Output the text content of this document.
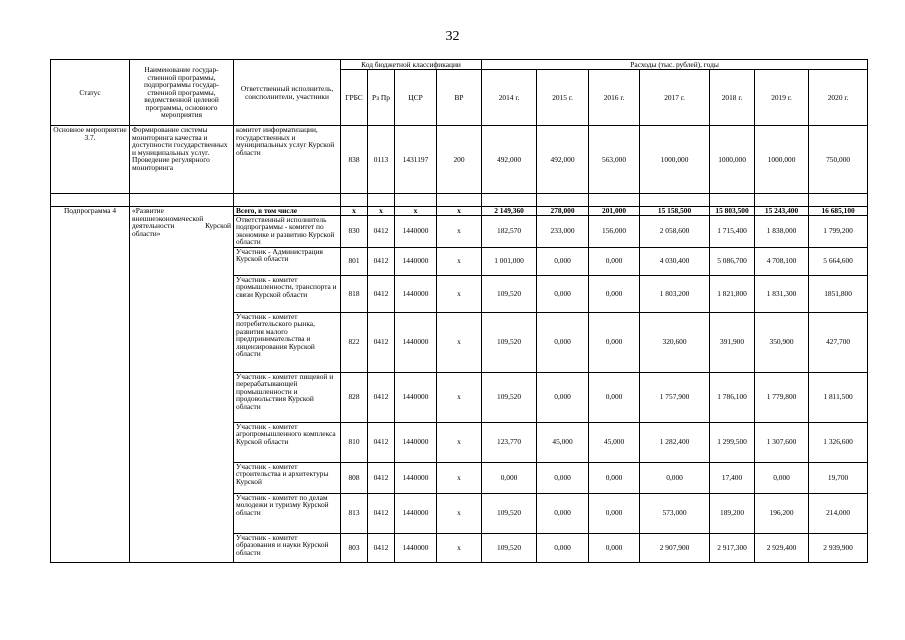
32
Статус	Наименование государ-ственной программы, подпрограммы государ-ственной программы, ведомственной целевой программы, основного мероприятия	Ответственный исполнитель, соисполнители, участники	Код бюджетной классификации				Расходы (тыс. рублей), годы						
			ГРБС	Рз Пр	ЦСР	ВР	2014 г.	2015 г.	2016 г.	2017 г.	2018 г.	2019 г.	2020 г.
Основное мероприятие 3.7.	Формирование системы мониторинга качества и доступности государственных и муниципальных услуг. Проведение регулярного мониторинга	комитет информатизации, государственных и муниципальных услуг Курской области	838	0113	1431197	200	492,000	492,000	563,000	1000,000	1000,000	1000,000	750,000

Подпрограмма 4	«Развитие внешнеэкономической деятельности Курской области»	Всего, в том числе	х	х	х	х	2 149,360	278,000	201,000	15 158,500	15 803,500	15 243,400	16 685,100
		Ответственный исполнитель подпрограммы - комитет по экономике и развитию Курской области	830	0412	1440000	х	182,570	233,000	156,000	2 058,600	1 715,400	1 838,000	1 799,200
		Участник - Администрация Курской области	801	0412	1440000	х	1 001,000	0,000	0,000	4 030,400	5 086,700	4 708,100	5 664,600
		Участник - комитет промышленности, транспорта и связи Курской области	818	0412	1440000	х	109,520	0,000	0,000	1 803,200	1 821,800	1 831,300	1851,800
		Участник - комитет потребительского рынка, развития малого предпринимательства и лицензирования Курской области	822	0412	1440000	х	109,520	0,000	0,000	320,600	391,900	350,900	427,700
		Участник - комитет пищевой и перерабатывающей промышленности и продовольствия Курской области	828	0412	1440000	х	109,520	0,000	0,000	1 757,900	1 786,100	1 779,800	1 811,500
		Участник - комитет агропромышленного комплекса Курской области	810	0412	1440000	х	123,770	45,000	45,000	1 282,400	1 299,500	1 307,600	1 326,600
		Участник - комитет строительства и архитектуры Курской	808	0412	1440000	х	0,000	0,000	0,000	0,000	17,400	0,000	19,700
		Участник - комитет по делам молодежи и туризму Курской области	813	0412	1440000	х	109,520	0,000	0,000	573,000	189,200	196,200	214,000
		Участник - комитет образования и науки Курской области	803	0412	1440000	х	109,520	0,000	0,000	2 907,900	2 917,300	2 929,400	2 939,900
